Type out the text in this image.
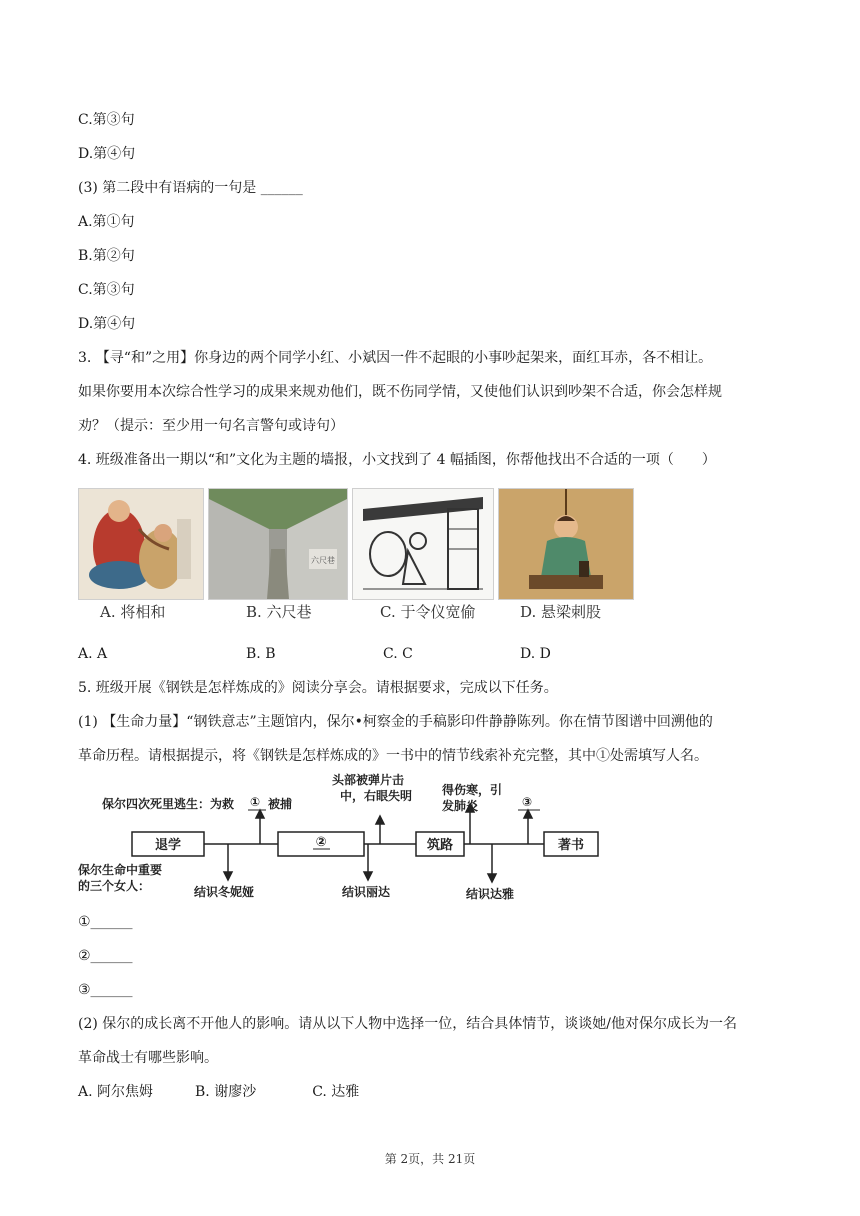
C.第③句
D.第④句
(3) 第二段中有语病的一句是 ______
A.第①句
B.第②句
C.第③句
D.第④句
3. 【寻“和”之用】你身边的两个同学小红、小斌因一件不起眼的小事吵起架来，面红耳赤，各不相让。
如果你要用本次综合性学习的成果来规劝他们，既不伤同学情，又使他们认识到吵架不合适，你会怎样规
劝？（提示：至少用一句名言警句或诗句）
4. 班级准备出一期以“和”文化为主题的墙报，小文找到了 4 幅插图，你帮他找出不合适的一项（　　）
六尺巷
A. 将相和	B. 六尺巷	C. 于令仪宽偷	D. 悬梁刺股
A. A	B. B	C. C	D. D
5. 班级开展《钢铁是怎样炼成的》阅读分享会。请根据要求，完成以下任务。
(1) 【生命力量】“钢铁意志”主题馆内，保尔•柯察金的手稿影印件静静陈列。你在情节图谱中回溯他的
革命历程。请根据提示，将《钢铁是怎样炼成的》一书中的情节线索补充完整，其中①处需填写人名。
退学	②	筑路	著书
保尔四次死里逃生：为救 ① 被捕
头部被弹片击
中，右眼失明 得伤寒，引
发肺炎	③
保尔生命中重要
的三个女人：	结识冬妮娅	结识丽达	结识达雅
①______
②______
③______
(2) 保尔的成长离不开他人的影响。请从以下人物中选择一位，结合具体情节，谈谈她/他对保尔成长为一名
革命战士有哪些影响。
A. 阿尔焦姆　　　B. 谢廖沙　　　　C. 达雅
第 2页，共 21页
